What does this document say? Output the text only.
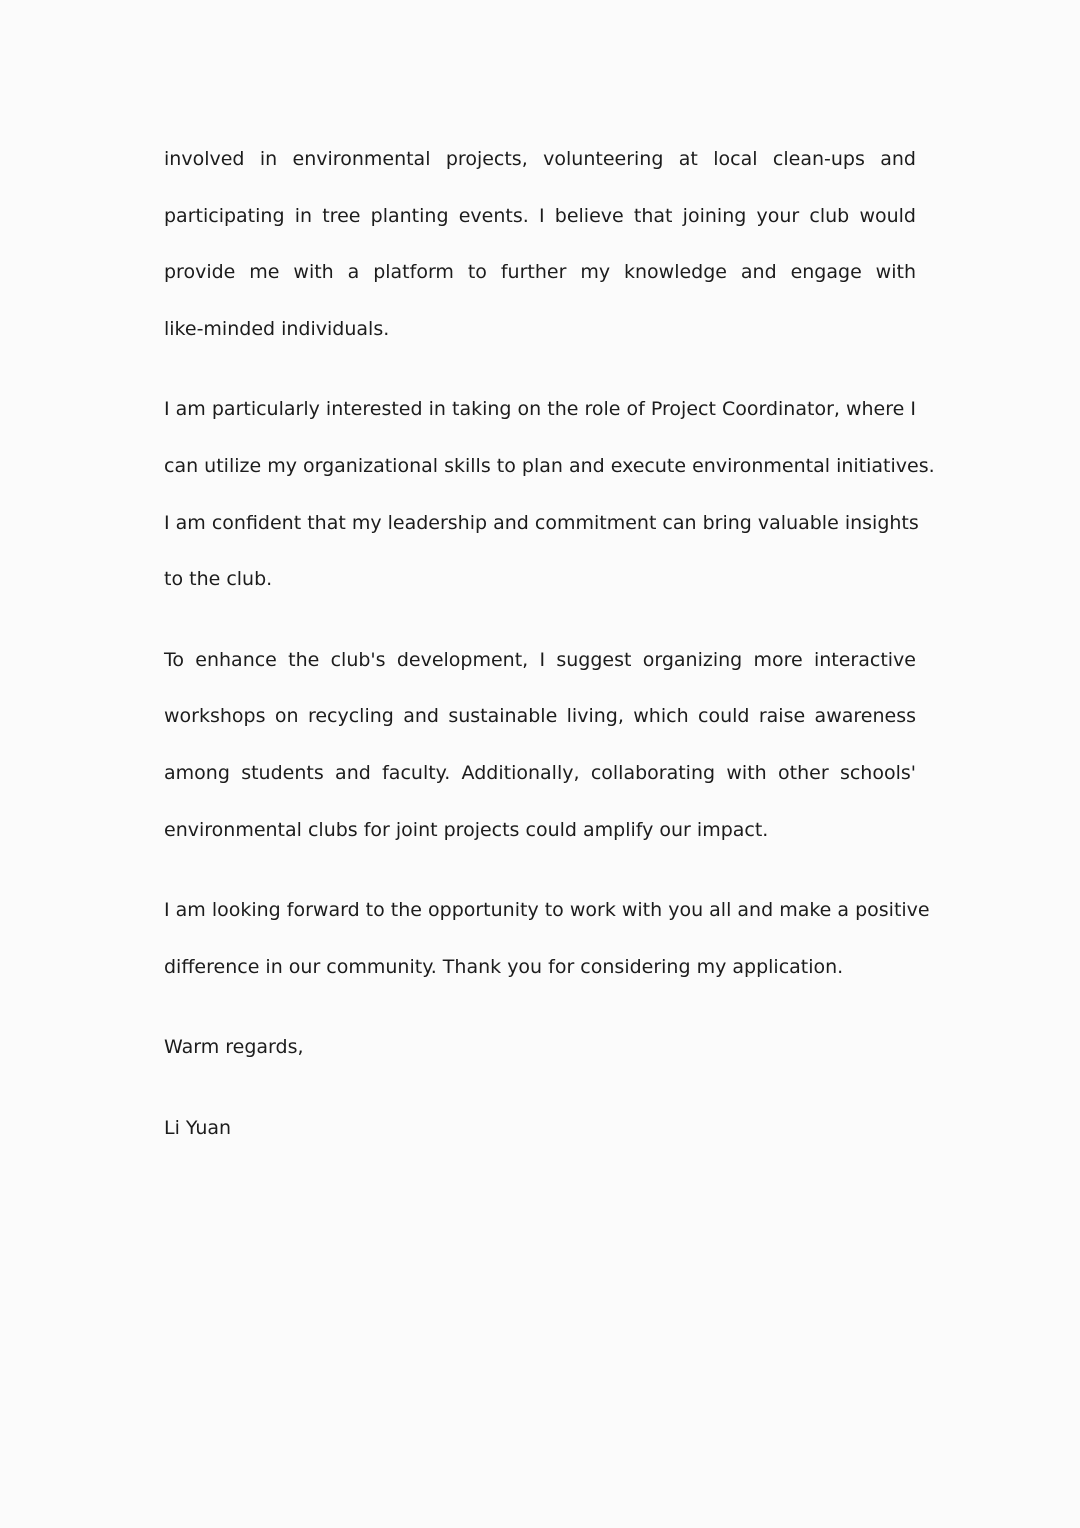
involved in environmental projects, volunteering at local clean-ups and
participating in tree planting events. I believe that joining your club would
provide me with a platform to further my knowledge and engage with
like-minded individuals.

I am particularly interested in taking on the role of Project Coordinator, where I
can utilize my organizational skills to plan and execute environmental initiatives.
I am confident that my leadership and commitment can bring valuable insights
to the club.

To enhance the club's development, I suggest organizing more interactive
workshops on recycling and sustainable living, which could raise awareness
among students and faculty. Additionally, collaborating with other schools'
environmental clubs for joint projects could amplify our impact.

I am looking forward to the opportunity to work with you all and make a positive
difference in our community. Thank you for considering my application.

Warm regards,

Li Yuan
